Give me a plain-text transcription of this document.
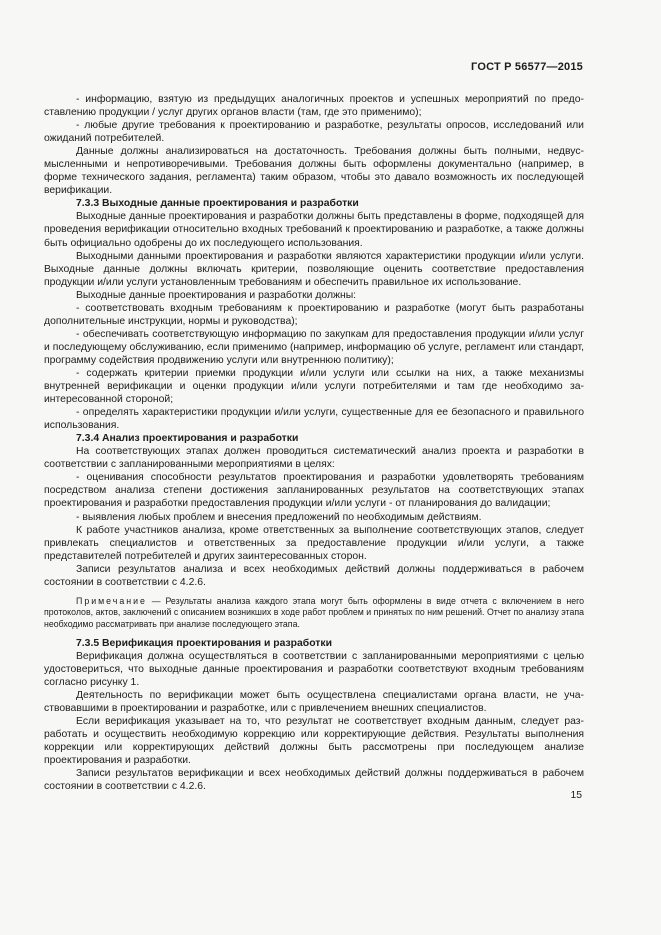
ГОСТ Р 56577—2015

- информацию, взятую из предыдущих аналогичных проектов и успешных мероприятий по предоставлению продукции / услуг других органов власти (там, где это применимо);

- любые другие требования к проектированию и разработке, результаты опросов, исследований или ожиданий потребителей.

Данные должны анализироваться на достаточность. Требования должны быть полными, недвусмысленными и непротиворечивыми. Требования должны быть оформлены документально (например, в форме технического задания, регламента) таким образом, чтобы это давало возможность их последующей верификации.

7.3.3 Выходные данные проектирования и разработки

Выходные данные проектирования и разработки должны быть представлены в форме, подходящей для проведения верификации относительно входных требований к проектированию и разработке, а также должны быть официально одобрены до их последующего использования.

Выходными данными проектирования и разработки являются характеристики продукции и/или услуги. Выходные данные должны включать критерии, позволяющие оценить соответствие предоставления продукции и/или услуги установленным требованиям и обеспечить правильное их использование.

Выходные данные проектирования и разработки должны:

- соответствовать входным требованиям к проектированию и разработке (могут быть разработаны дополнительные инструкции, нормы и руководства);

- обеспечивать соответствующую информацию по закупкам для предоставления продукции и/или услуг и последующему обслуживанию, если применимо (например, информацию об услуге, регламент или стандарт, программу содействия продвижению услуги или внутреннюю политику);

- содержать критерии приемки продукции и/или услуги или ссылки на них, а также механизмы внутренней верификации и оценки продукции и/или услуги потребителями и там где необходимо заинтересованной стороной;

- определять характеристики продукции и/или услуги, существенные для ее безопасного и правильного использования.

7.3.4 Анализ проектирования и разработки

На соответствующих этапах должен проводиться систематический анализ проекта и разработки в соответствии с запланированными мероприятиями в целях:

- оценивания способности результатов проектирования и разработки удовлетворять требованиям посредством анализа степени достижения запланированных результатов на соответствующих этапах проектирования и разработки предоставления продукции и/или услуги - от планирования до валидации;

- выявления любых проблем и внесения предложений по необходимым действиям.

К работе участников анализа, кроме ответственных за выполнение соответствующих этапов, следует привлекать специалистов и ответственных за предоставление продукции и/или услуги, а также представителей потребителей и других заинтересованных сторон.

Записи результатов анализа и всех необходимых действий должны поддерживаться в рабочем состоянии в соответствии с 4.2.6.

Примечание — Результаты анализа каждого этапа могут быть оформлены в виде отчета с включением в него протоколов, актов, заключений с описанием возникших в ходе работ проблем и принятых по ним решений. Отчет по анализу этапа необходимо рассматривать при анализе последующего этапа.

7.3.5 Верификация проектирования и разработки

Верификация должна осуществляться в соответствии с запланированными мероприятиями с целью удостовериться, что выходные данные проектирования и разработки соответствуют входным требованиям согласно рисунку 1.

Деятельность по верификации может быть осуществлена специалистами органа власти, не участвовавшими в проектировании и разработке, или с привлечением внешних специалистов.

Если верификация указывает на то, что результат не соответствует входным данным, следует разработать и осуществить необходимую коррекцию или корректирующие действия. Результаты выполнения коррекции или корректирующих действий должны быть рассмотрены при последующем анализе проектирования и разработки.

Записи результатов верификации и всех необходимых действий должны поддерживаться в рабочем состоянии в соответствии с 4.2.6.

15
